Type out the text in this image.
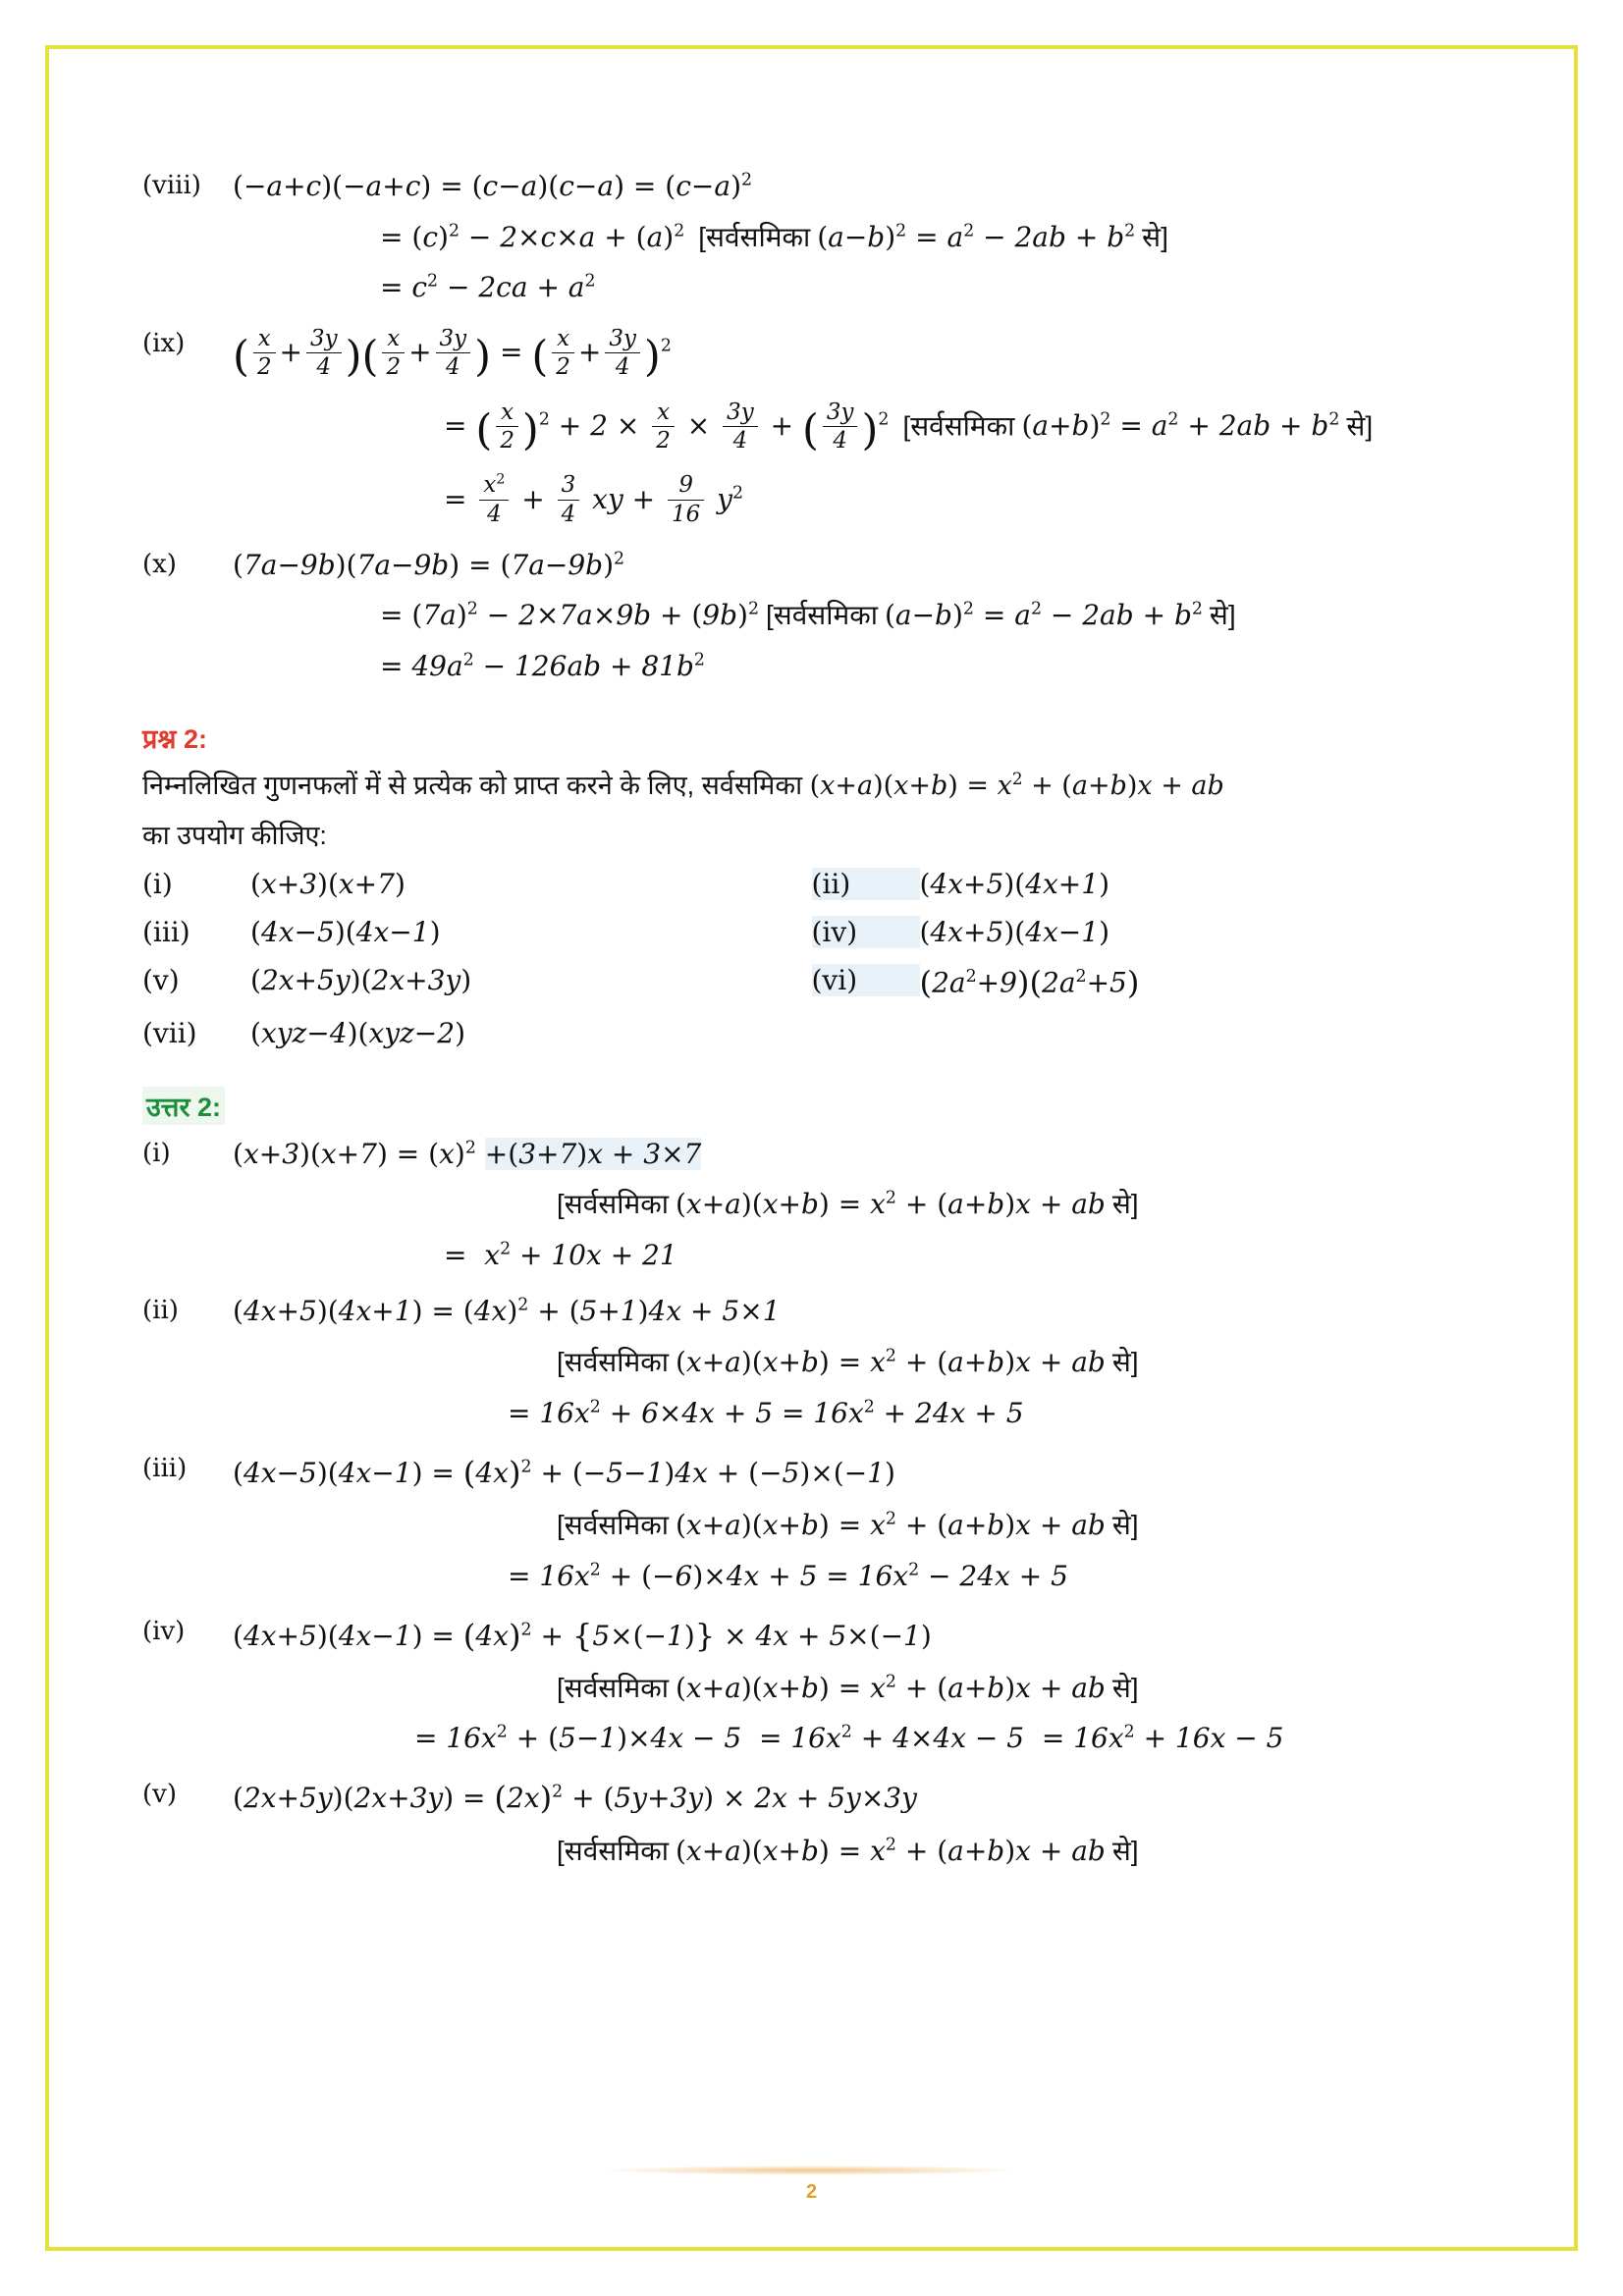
(viii)	$(-a+c)(-a+c) = (c-a)(c-a) = (c-a)^2$
= $(c)^2 - 2\times c\times a + (a)^2$ [सर्वसमिका $(a-b)^2 = a^2 - 2ab + b^2$ से]
= $c^2 - 2ca + a^2$
(ix)	( $\frac{x}{2} + \frac{3y}{4}$ )( $\frac{x}{2} + \frac{3y}{4}$ ) = ( $\frac{x}{2} + \frac{3y}{4} )^2$
= ( $\frac{x}{2} )^2 + 2 \times \frac{x}{2} \times \frac{3y}{4}$ + ( $\frac{3y}{4} )^2$ [सर्वसमिका $(a+b)^2 = a^2 + 2ab + b^2$ से]
= $\frac{x^2}{4} + \frac{3}{4}$ xy + $\frac{9}{16} y^2$
(x)	$(7a-9b)(7a-9b) = (7a-9b)^2$
= $(7a)^2 - 2\times 7a\times 9b + (9b)^2$ [सर्वसमिका $(a-b)^2 = a^2 - 2ab + b^2$ से]
= $49a^2 - 126ab + 81b^2$
प्रश्न 2:
निम्नलिखित गुणनफलों में से प्रत्येक को प्राप्त करने के लिए, सर्वसमिका $(x+a)(x+b) = x^2 + (a+b)x$ + ab
का उपयोग कीजिए:
(i)	(x+3)(x+7)	(ii)	(4x+5)(4x+1)
(iii)	(4x−5)(4x−1)	(iv)	(4x+5)(4x−1)
(v)	(2x+5y)(2x+3y)	(vi)	$(2a^2+9)(2a^2+5)$
(vii)	(xyz−4)(xyz−2)
उत्तर 2:
(i)	$(x+3)(x+7) = (x)^2 +(3+7)x + 3\times 7$
[सर्वसमिका $(x+a)(x+b) = x^2 + (a+b)x$ + ab से]
=  $x^2 + 10x + 21$
(ii)	$(4x+5)(4x+1) = (4x)^2 + (5+1)4x + 5\times 1$
[सर्वसमिका $(x+a)(x+b) = x^2 + (a+b)x$ + ab से]
= $16x^2 + 6\times 4x + 5 = 16x^2 + 24x + 5$
(iii)	$(4x-5)(4x-1) = (4x)^2 + (-5-1)4x + (-5)\times(-1)$
[सर्वसमिका $(x+a)(x+b) = x^2 + (a+b)x$ + ab से]
= $16x^2 + (-6)\times 4x + 5 = 16x^2 - 24x + 5$
(iv)	$(4x+5)(4x-1) = (4x)^2 + \{5\times(-1)\} \times 4x + 5\times(-1)$
[सर्वसमिका $(x+a)(x+b) = x^2 + (a+b)x$ + ab से]
= $16x^2 + (5-1)\times 4x - 5 = 16x^2 + 4\times 4x - 5 = 16x^2 + 16x - 5$
(v)	$(2x+5y)(2x+3y) = (2x)^2 + (5y+3y) \times 2x + 5y\times 3y$
[सर्वसमिका $(x+a)(x+b) = x^2 + (a+b)x$ + ab से]
2
